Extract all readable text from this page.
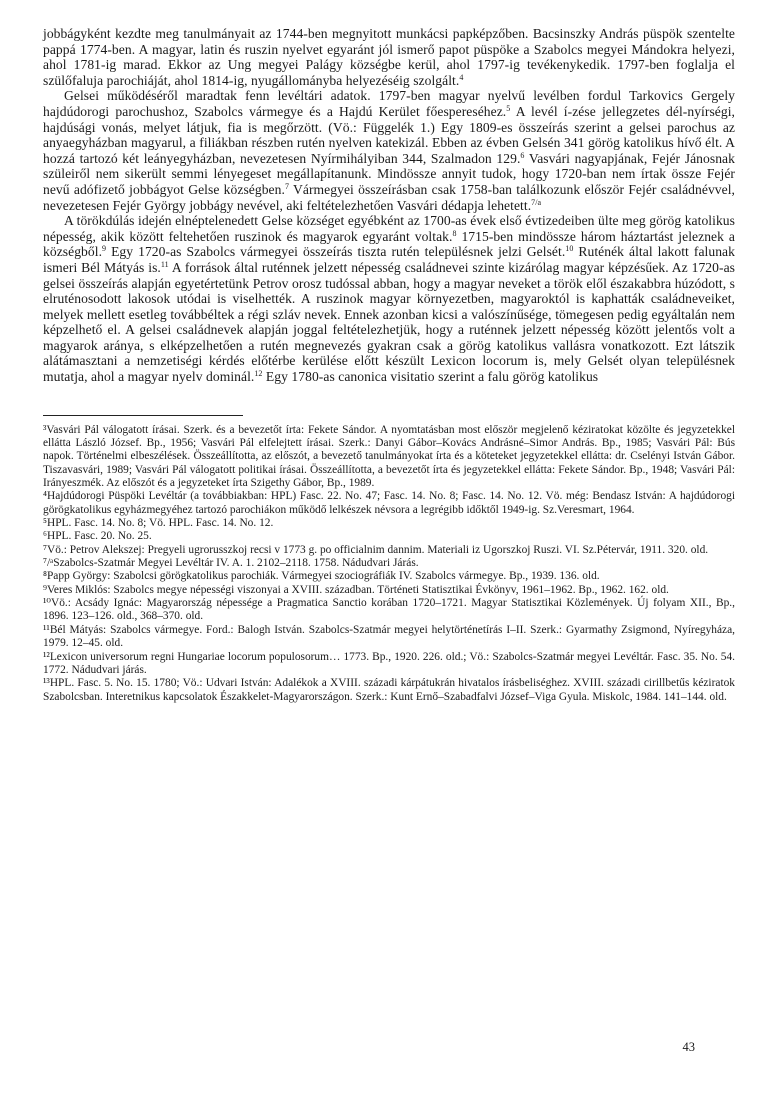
jobbágyként kezdte meg tanulmányait az 1744-ben megnyitott munkácsi papképzőben. Bacsinszky András püspök szentelte pappá 1774-ben. A magyar, latin és ruszin nyelvet egyaránt jól ismerő papot püspöke a Szabolcs megyei Mándokra helyezi, ahol 1781-ig marad. Ekkor az Ung megyei Palágy községbe kerül, ahol 1797-ig tevékenykedik. 1797-ben foglalja el szülőfaluja parochiáját, ahol 1814-ig, nyugállományba helyezéséig szolgált.$^4$

Gelsei működéséről maradtak fenn levéltári adatok. 1797-ben magyar nyelvű levélben fordul Tarkovics Gergely hajdúdorogi parochushoz, Szabolcs vármegye és a Hajdú Kerület főespereséhez.$^5$ A levél í-zése jellegzetes dél-nyírségi, hajdúsági vonás, melyet látjuk, fia is megőrzött. (Vö.: Függelék 1.) Egy 1809-es összeírás szerint a gelsei parochus az anyaegyházban magyarul, a filiákban részben rutén nyelven katekizál. Ebben az évben Gelsén 341 görög katolikus hívő élt. A hozzá tartozó két leányegyházban, nevezetesen Nyírmihályiban 344, Szalmadon 129.$^6$ Vasvári nagyapjának, Fejér Jánosnak szüleiről nem sikerült semmi lényegeset megállapítanunk. Mindössze annyit tudok, hogy 1720-ban nem írtak össze Fejér nevű adófizető jobbágyot Gelse községben.$^7$ Vármegyei összeírásban csak 1758-ban találkozunk először Fejér családnévvel, nevezetesen Fejér György jobbágy nevével, aki feltételezhetően Vasvári dédapja lehetett.$^{7/a}$

A törökdúlás idején elnéptelenedett Gelse községet egyébként az 1700-as évek első évtizedeiben ülte meg görög katolikus népesség, akik között feltehetően ruszinok és magyarok egyaránt voltak.$^8$ 1715-ben mindössze három háztartást jeleznek a községből.$^9$ Egy 1720-as Szabolcs vármegyei összeírás tiszta rutén településnek jelzi Gelsét.$^{10}$ Ruténék által lakott falunak ismeri Bél Mátyás is.$^{11}$ A források által ruténnek jelzett népesség családnevei szinte kizárólag magyar képzésűek. Az 1720-as gelsei összeírás alapján egyetértetünk Petrov orosz tudóssal abban, hogy a magyar neveket a török elől északabbra húzódott, s elruténosodott lakosok utódai is viselhették. A ruszinok magyar környezetben, magyaroktól is kaphatták családneveiket, melyek mellett esetleg továbbéltek a régi szláv nevek. Ennek azonban kicsi a valószínűsége, tömegesen pedig egyáltalán nem képzelhető el. A gelsei családnevek alapján joggal feltételezhetjük, hogy a ruténnek jelzett népesség között jelentős volt a magyarok aránya, s elképzelhetően a rutén megnevezés gyakran csak a görög katolikus vallásra vonatkozott. Ezt látszik alátámasztani a nemzetiségi kérdés előtérbe kerülése előtt készült Lexicon locorum is, mely Gelsét olyan településnek mutatja, ahol a magyar nyelv dominál.$^{12}$ Egy 1780-as canonica visitatio szerint a falu görög katolikus

³Vasvári Pál válogatott írásai. Szerk. és a bevezetőt írta: Fekete Sándor. A nyomtatásban most először megjelenő kéziratokat közölte és jegyzetekkel ellátta László József. Bp., 1956; Vasvári Pál elfelejtett írásai. Szerk.: Danyi Gábor–Kovács Andrásné–Simor András. Bp., 1985; Vasvári Pál: Bús napok. Történelmi elbeszélések. Összeállította, az előszót, a bevezető tanulmányokat írta és a köteteket jegyzetekkel ellátta: dr. Cselényi István Gábor. Tiszavasvári, 1989; Vasvári Pál válogatott politikai írásai. Összeállította, a bevezetőt írta és jegyzetekkel ellátta: Fekete Sándor. Bp., 1948; Vasvári Pál: Irányeszmék. Az előszót és a jegyzeteket írta Szigethy Gábor, Bp., 1989.

⁴Hajdúdorogi Püspöki Levéltár (a továbbiakban: HPL) Fasc. 22. No. 47; Fasc. 14. No. 8; Fasc. 14. No. 12. Vö. még: Bendasz István: A hajdúdorogi görögkatolikus egyházmegyéhez tartozó parochiákon működő lelkészek névsora a legrégibb időktől 1949-ig. Sz.Veresmart, 1964.

⁵HPL. Fasc. 14. No. 8; Vö. HPL. Fasc. 14. No. 12.

⁶HPL. Fasc. 20. No. 25.

⁷Vö.: Petrov Alekszej: Pregyeli ugrorusszkoj recsi v 1773 g. po officialnim dannim. Materiali iz Ugorszkoj Ruszi. VI. Sz.Pétervár, 1911. 320. old.

⁷/ᵃSzabolcs-Szatmár Megyei Levéltár IV. A. 1. 2102–2118. 1758. Nádudvari Járás.

⁸Papp György: Szabolcsi görögkatolikus parochiák. Vármegyei szociográfiák IV. Szabolcs vármegye. Bp., 1939. 136. old.

⁹Veres Miklós: Szabolcs megye népességi viszonyai a XVIII. században. Történeti Statisztikai Évkönyv, 1961–1962. Bp., 1962. 162. old.

¹⁰Vö.: Acsády Ignác: Magyarország népessége a Pragmatica Sanctio korában 1720–1721. Magyar Statisztikai Közlemények. Új folyam XII., Bp., 1896. 123–126. old., 368–370. old.

¹¹Bél Mátyás: Szabolcs vármegye. Ford.: Balogh István. Szabolcs-Szatmár megyei helytörténetírás I–II. Szerk.: Gyarmathy Zsigmond, Nyíregyháza, 1979. 12–45. old.

¹²Lexicon universorum regni Hungariae locorum populosorum… 1773. Bp., 1920. 226. old.; Vö.: Szabolcs-Szatmár megyei Levéltár. Fasc. 35. No. 54. 1772. Nádudvari járás.

¹³HPL. Fasc. 5. No. 15. 1780; Vö.: Udvari István: Adalékok a XVIII. századi kárpátukrán hivatalos írásbeliséghez. XVIII. századi cirillbetűs kéziratok Szabolcsban. Interetnikus kapcsolatok Északkelet-Magyarországon. Szerk.: Kunt Ernő–Szabadfalvi József–Viga Gyula. Miskolc, 1984. 141–144. old.

43
